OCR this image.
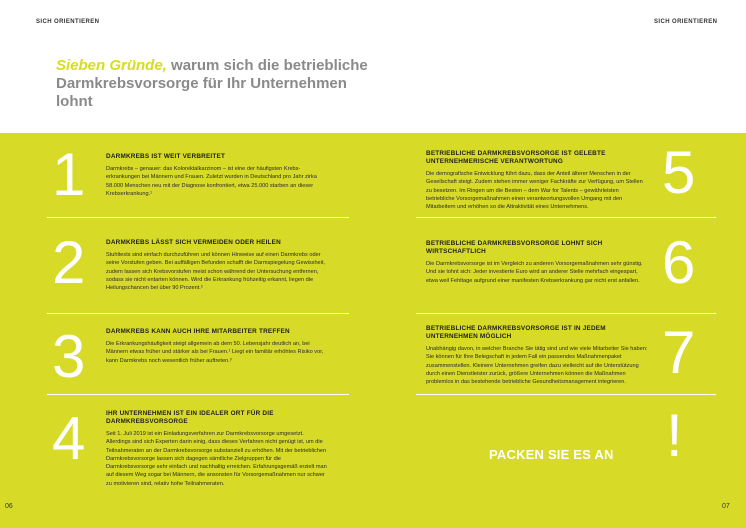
SICH ORIENTIEREN	SICH ORIENTIEREN
Sieben Gründe, warum sich die betriebliche Darmkrebsvorsorge für Ihr Unternehmen lohnt
1	DARMKREBS IST WEIT VERBREITET

Darmkrebs – genauer: das Kolorektalkarzinom – ist eine der häufigsten Krebserkrankungen bei Männern und Frauen. Zuletzt wurden in Deutschland pro Jahr zirka 58.000 Menschen neu mit der Diagnose konfrontiert, etwa 25.000 starben an dieser Krebserkrankung.¹

2	DARMKREBS LÄSST SICH VERMEIDEN ODER HEILEN

Stuhltests sind einfach durchzuführen und können Hinweise auf einen Darmkrebs oder seine Vorstufen geben. Bei auffälligen Befunden schafft die Darmspiegelung Gewissheit, zudem lassen sich Krebsvorstufen meist schon während der Untersuchung entfernen, sodass sie nicht entarten können. Wird die Erkrankung frühzeitig erkannt, liegen die Heilungschancen bei über 90 Prozent.²

3	DARMKREBS KANN AUCH IHRE MITARBEITER TREFFEN

Die Erkrankungshäufigkeit steigt allgemein ab dem 50. Lebensjahr deutlich an, bei Männern etwas früher und stärker als bei Frauen.¹ Liegt ein familiär erhöhtes Risiko vor, kann Darmkrebs noch wesentlich früher auftreten.³

4	IHR UNTERNEHMEN IST EIN IDEALER ORT FÜR DIE DARMKREBSVORSORGE

Seit 1. Juli 2019 ist ein Einladungsverfahren zur Darmkrebsvorsorge umgesetzt. Allerdings sind sich Experten darin einig, dass dieses Verfahren nicht genügt ist, um die Teilnahmeraten an der Darmkrebsvorsorge substanziell zu erhöhen. Mit der betrieblichen Darmkrebsvorsorge lassen sich dagegen sämtliche Zielgruppen für die Darmkrebsvorsorge sehr einfach und nachhaltig erreichen. Erfahrungsgemäß erzielt man auf diesem Weg sogar bei Männern, die ansonsten für Vorsorgemaßnahmen nur schwer zu motivieren sind, relativ hohe Teilnahmeraten.

BETRIEBLICHE DARMKREBSVORSORGE IST GELEBTE UNTERNEHMERISCHE VERANTWORTUNG

Die demografische Entwicklung führt dazu, dass der Anteil älterer Menschen in der Gesellschaft steigt. Zudem stehen immer weniger Fachkräfte zur Verfügung, um Stellen zu besetzen. Im Ringen um die Besten – dem War for Talents – gewährleisten betriebliche Vorsorgemaßnahmen einen verantwortungsvollen Umgang mit den Mitarbeitern und erhöhen so die Attraktivität eines Unternehmens.

5
BETRIEBLICHE DARMKREBSVORSORGE LOHNT SICH WIRTSCHAFTLICH

Die Darmkrebsvorsorge ist im Vergleich zu anderen Vorsorgemaßnahmen sehr günstig. Und sie lohnt sich: Jeder investierte Euro wird an anderer Stelle mehrfach eingespart, etwa weil Fehltage aufgrund einer manifesten Krebserkrankung gar nicht erst anfallen. 6
BETRIEBLICHE DARMKREBSVORSORGE IST IN JEDEM UNTERNEHMEN MÖGLICH

Unabhängig davon, in welcher Branche Sie tätig sind und wie viele Mitarbeiter Sie haben: Sie können für Ihre Belegschaft in jedem Fall ein passendes Maßnahmenpaket zusammenstellen. Kleinere Unternehmen greifen dazu vielleicht auf die Unterstützung durch einen Dienstleister zurück, größere Unternehmen können die Maßnahmen problemlos in das bestehende betriebliche Gesundheitsmanagement integrieren. 7
!
PACKEN SIE ES AN
06	07
